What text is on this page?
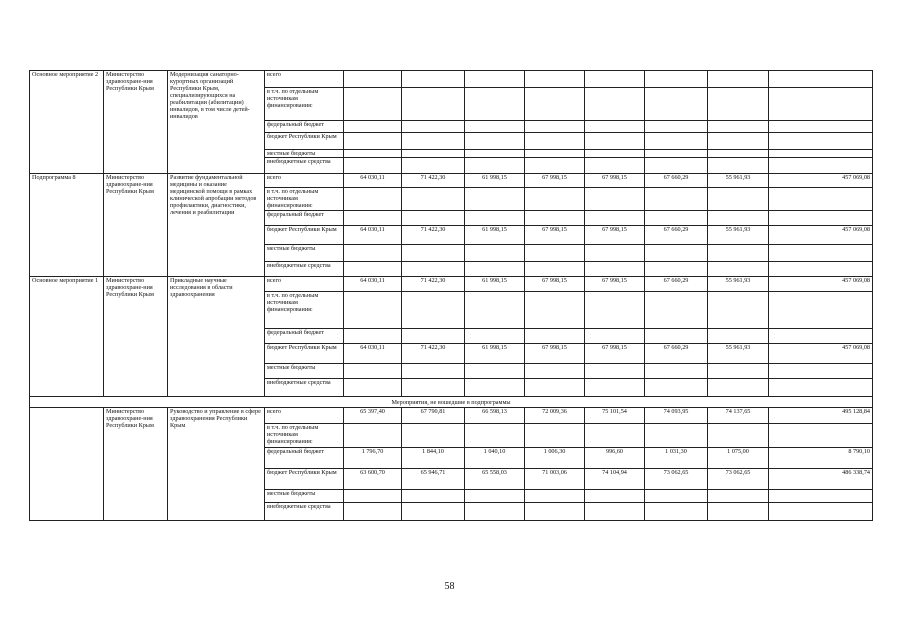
Основное мероприятие 2	Министерство здравоохране-ния Республики Крым	Модернизация санаторно-курортных организаций Республики Крым, специализирующихся на реабилитации (абилитации) инвалидов, в том числе детей-инвалидов	всего								
			в т.ч. по отдельным источникам финансирования:								
			федеральный бюджет								
			бюджет Республики Крым								
			местные бюджеты								
			внебюджетные средства								
Подпрограмма 8	Министерство здравоохране-ния Республики Крым	Развитие фундаментальной медицины и оказание медицинской помощи в рамках клинической апробации методов профилактики, диагностики, лечения и реабилитации	всего	64 030,11	71 422,30	61 998,15	67 998,15	67 998,15	67 660,29	55 961,93	457 069,08
			в т.ч. по отдельным источникам финансирования:								
			федеральный бюджет								
			бюджет Республики Крым	64 030,11	71 422,30	61 998,15	67 998,15	67 998,15	67 660,29	55 961,93	457 069,08
			местные бюджеты								
			внебюджетные средства								
Основное мероприятие 1	Министерство здравоохране-ния Республики Крым	Прикладные научные исследования в области здравоохранения	всего	64 030,11	71 422,30	61 998,15	67 998,15	67 998,15	67 660,29	55 961,93	457 069,08
			в т.ч. по отдельным источникам финансирования:								
			федеральный бюджет								
			бюджет Республики Крым	64 030,11	71 422,30	61 998,15	67 998,15	67 998,15	67 660,29	55 961,93	457 069,08
			местные бюджеты								
			внебюджетные средства								
Мероприятия, не вошедшие в подпрограммы											
	Министерство здравоохране-ния Республики Крым	Руководство и управление в сфере здравоохранения Республики Крым	всего	65 397,40	67 790,81	66 598,13	72 009,36	75 101,54	74 093,95	74 137,65	495 128,84
			в т.ч. по отдельным источникам финансирования:								
			федеральный бюджет	1 796,70	1 844,10	1 040,10	1 006,30	996,60	1 031,30	1 075,00	8 790,10
			бюджет Республики Крым	63 600,70	65 946,71	65 558,03	71 003,06	74 104,94	73 062,65	73 062,65	486 338,74
			местные бюджеты								
			внебюджетные средства								
58
